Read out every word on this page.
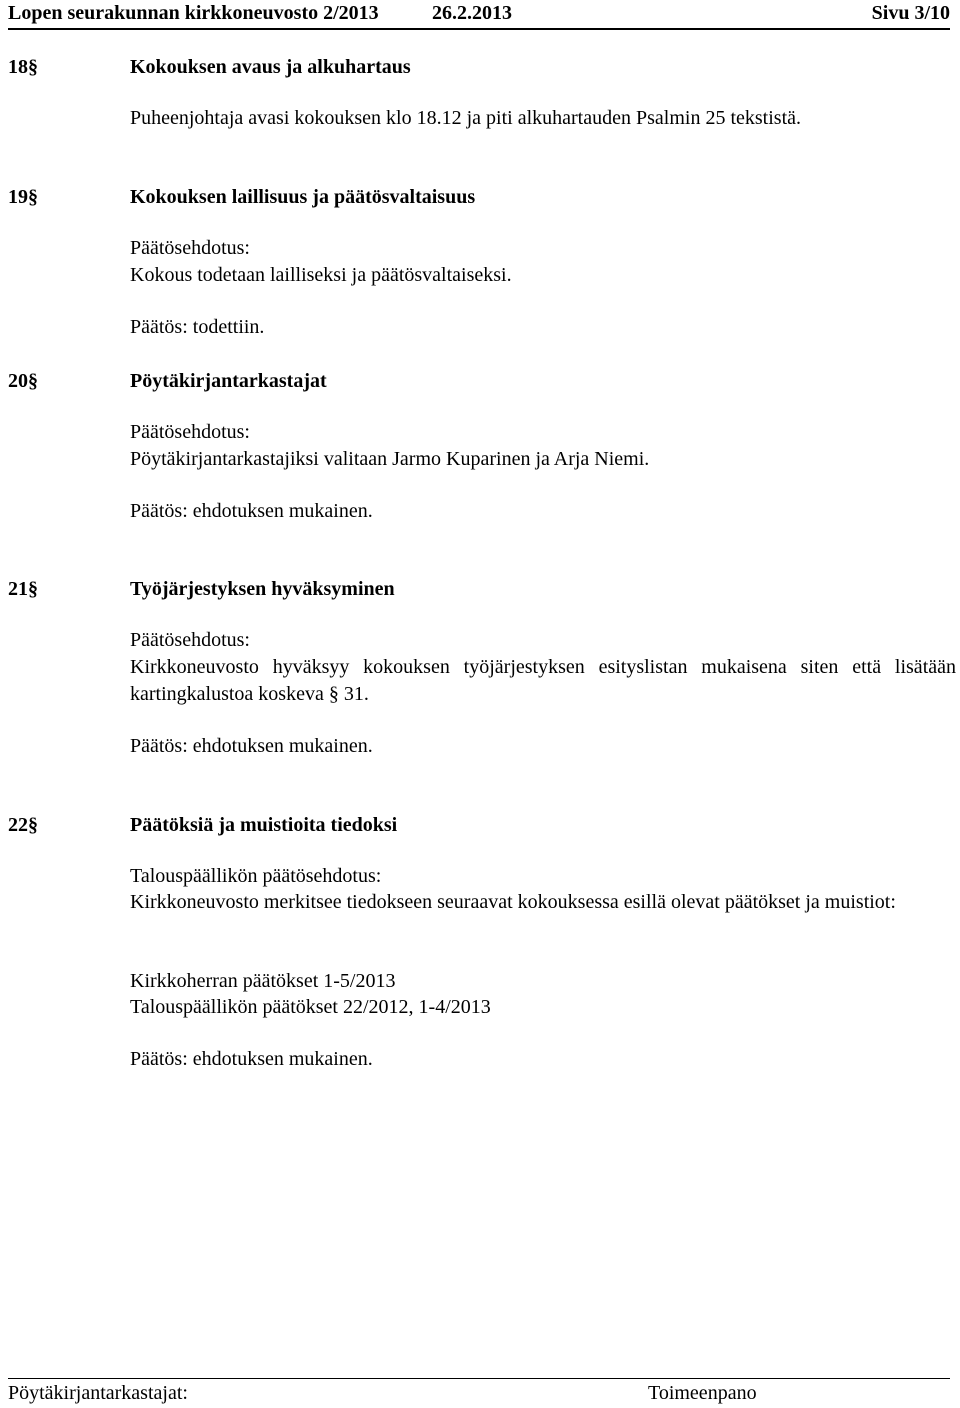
Lopen seurakunnan kirkkoneuvosto 2/2013	26.2.2013	Sivu 3/10
18§	Kokouksen avaus ja alkuhartaus
Puheenjohtaja avasi kokouksen klo 18.12 ja piti alkuhartauden Psalmin 25 tekstistä.
19§	Kokouksen laillisuus ja päätösvaltaisuus
Päätösehdotus:
Kokous todetaan lailliseksi ja päätösvaltaiseksi.
Päätös: todettiin.
20§	Pöytäkirjantarkastajat
Päätösehdotus:
Pöytäkirjantarkastajiksi valitaan Jarmo Kuparinen ja Arja Niemi.
Päätös: ehdotuksen mukainen.
21§	Työjärjestyksen hyväksyminen
Päätösehdotus:
Kirkkoneuvosto hyväksyy kokouksen työjärjestyksen esityslistan mukaisena siten että lisätään kartingkalustoa koskeva § 31.
Päätös: ehdotuksen mukainen.
22§	Päätöksiä ja muistioita tiedoksi
Talouspäällikön päätösehdotus:
Kirkkoneuvosto merkitsee tiedokseen seuraavat kokouksessa esillä olevat päätökset ja muistiot:
Kirkkoherran päätökset 1-5/2013
Talouspäällikön päätökset 22/2012, 1-4/2013
Päätös: ehdotuksen mukainen.
Pöytäkirjantarkastajat:	Toimeenpano
